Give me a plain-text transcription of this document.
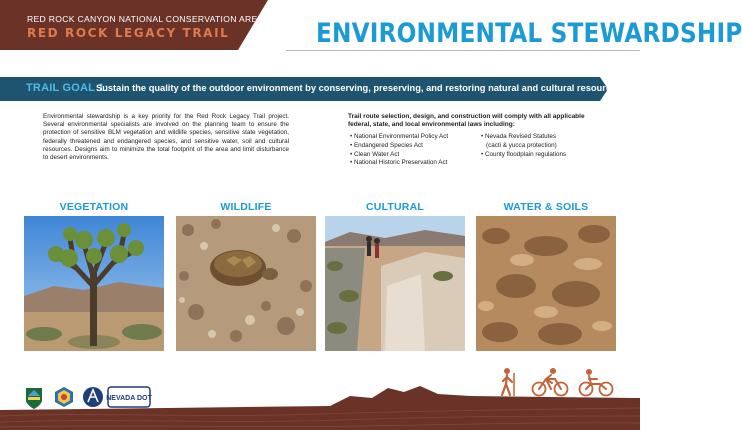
RED ROCK CANYON NATIONAL CONSERVATION AREA
RED ROCK LEGACY TRAIL	ENVIRONMENTAL STEWARDSHIP
TRAIL GOAL 1:
Sustain the quality of the outdoor environment by conserving, preserving, and restoring natural and cultural resources.

Environmental stewardship is a key priority for the Red Rock Legacy Trail project. Several environmental specialists are involved on the planning team to ensure the protection of sensitive BLM vegetation and wildlife species, sensitive state vegetation, federally threatened and endangered species, and sensitive water, soil and cultural resources. Designs aim to minimize the total footprint of the area and limit disturbance to desert environments.

Trail route selection, design, and construction will comply with all applicable federal, state, and local environmental laws including:
• National Environmental Policy Act
• Endangered Species Act
• Clean Water Act
• National Historic Preservation Act
• Nevada Revised Statutes
(cacti & yucca protection)
• County floodplain regulations
VEGETATION	WILDLIFE	CULTURAL	WATER & SOILS
NEVADA DOT
